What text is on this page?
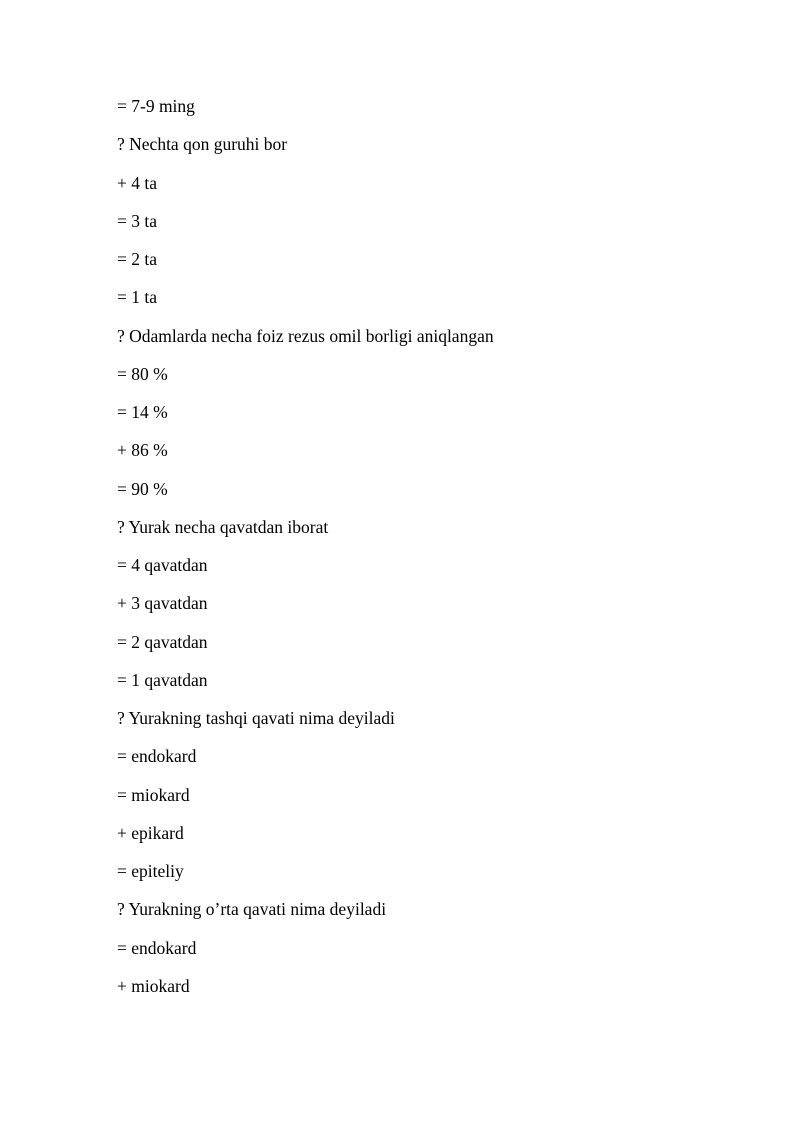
= 7-9 ming
? Nechta qon guruhi bor
+ 4 ta
= 3 ta
= 2 ta
= 1 ta
? Odamlarda necha foiz rezus omil borligi aniqlangan
= 80 %
= 14 %
+ 86 %
= 90 %
? Yurak necha qavatdan iborat
= 4 qavatdan
+ 3 qavatdan
= 2 qavatdan
= 1 qavatdan
? Yurakning tashqi qavati nima deyiladi
= endokard
= miokard
+ epikard
= epiteliy
? Yurakning o’rta qavati nima deyiladi
= endokard
+ miokard
